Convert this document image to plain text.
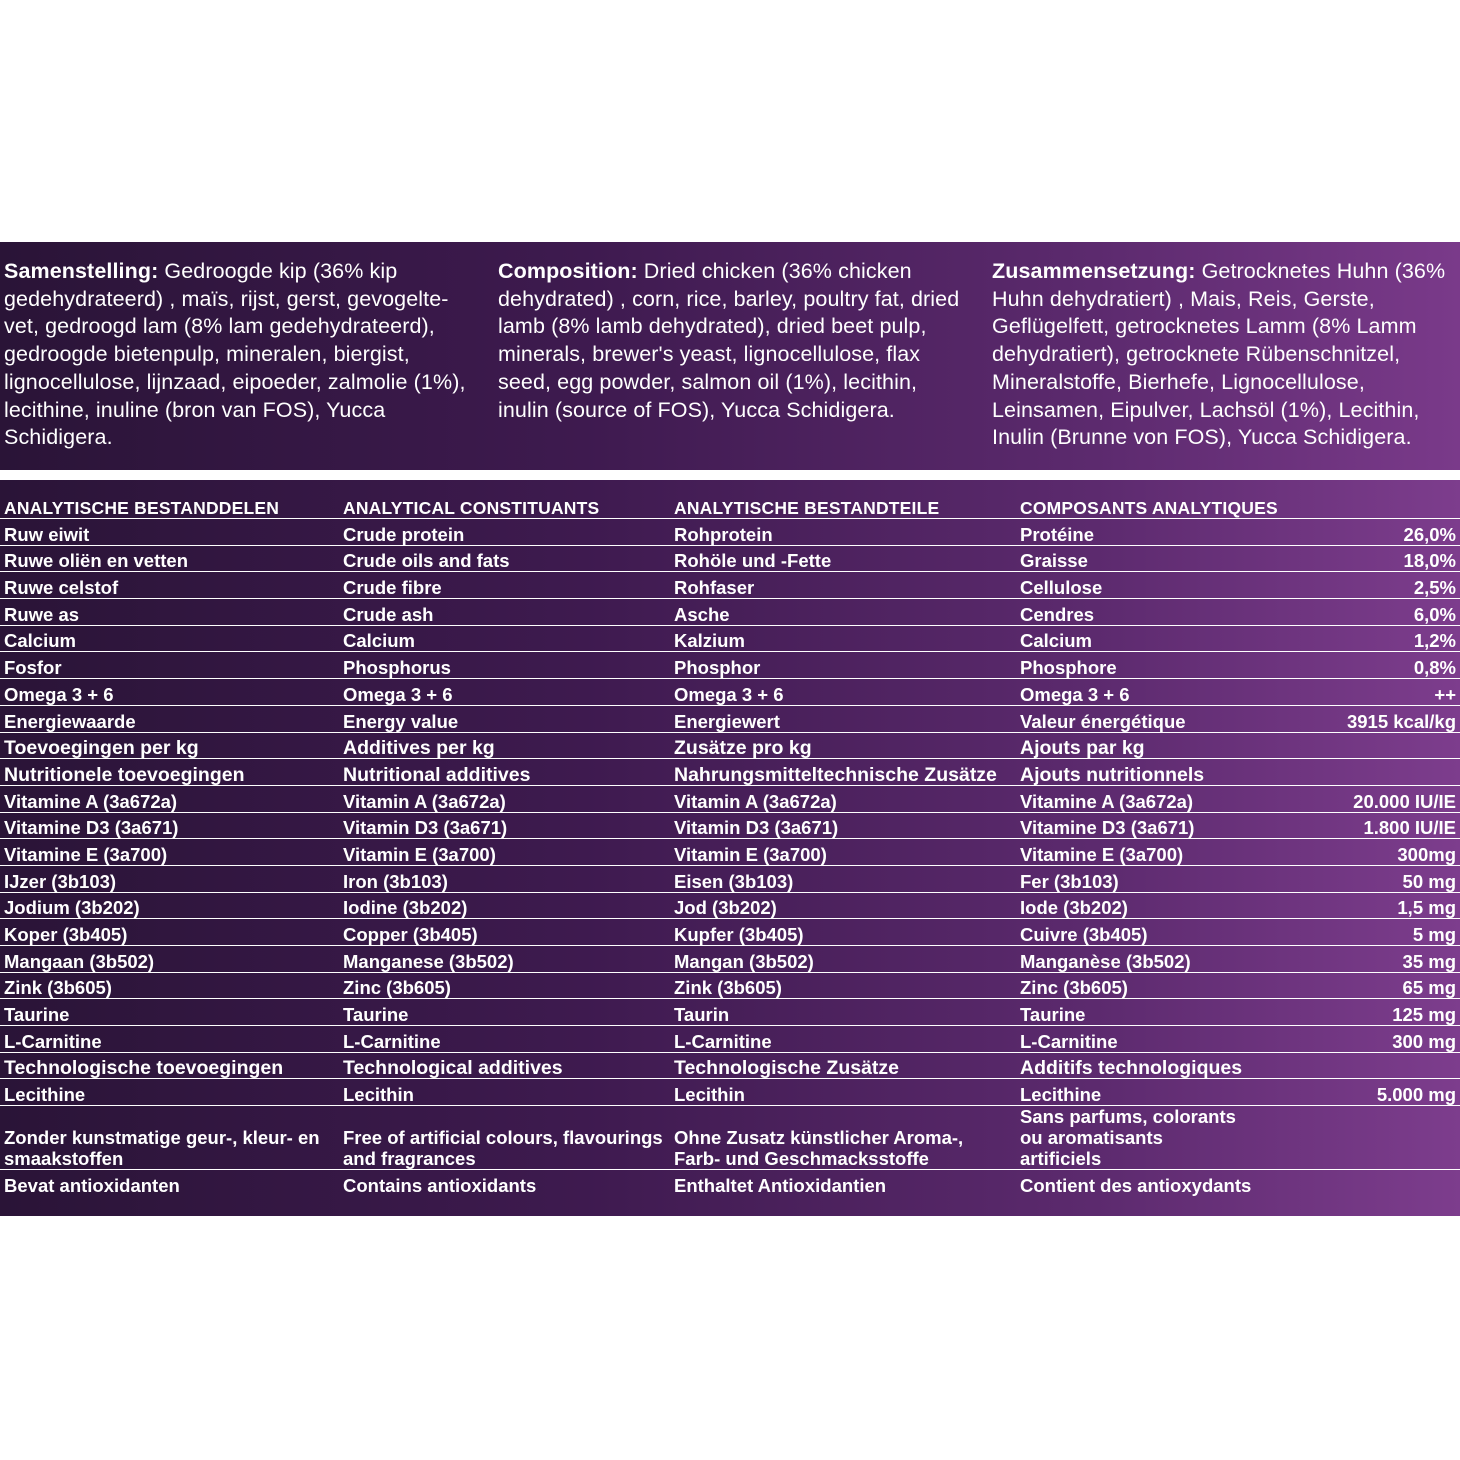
Samenstelling: Gedroogde kip (36% kip gedehydrateerd) , maïs, rijst, gerst, gevogelte-vet, gedroogd lam (8% lam gedehydrateerd), gedroogde bietenpulp, mineralen, biergist, lignocellulose, lijnzaad, eipoeder, zalmolie (1%), lecithine, inuline (bron van FOS), Yucca Schidigera.
Composition: Dried chicken (36% chicken dehydrated) , corn, rice, barley, poultry fat, dried lamb (8% lamb dehydrated), dried beet pulp, minerals, brewer's yeast, lignocellulose, flax seed, egg powder, salmon oil (1%), lecithin, inulin (source of FOS), Yucca Schidigera.
Zusammensetzung: Getrocknetes Huhn (36% Huhn dehydratiert) , Mais, Reis, Gerste, Geflügelfett, getrocknetes Lamm (8% Lamm dehydratiert), getrocknete Rübenschnitzel, Mineralstoffe, Bierhefe, Lignocellulose, Leinsamen, Eipulver, Lachsöl (1%), Lecithin, Inulin (Brunne von FOS), Yucca Schidigera.
ANALYTISCHE BESTANDDELEN	ANALYTICAL CONSTITUANTS	ANALYTISCHE BESTANDTEILE	COMPOSANTS ANALYTIQUES	
Ruw eiwit	Crude protein	Rohprotein	Protéine	26,0%
Ruwe oliën en vetten	Crude oils and fats	Rohöle und -Fette	Graisse	18,0%
Ruwe celstof	Crude fibre	Rohfaser	Cellulose	2,5%
Ruwe as	Crude ash	Asche	Cendres	6,0%
Calcium	Calcium	Kalzium	Calcium	1,2%
Fosfor	Phosphorus	Phosphor	Phosphore	0,8%
Omega 3 + 6	Omega 3 + 6	Omega 3 + 6	Omega 3 + 6	++
Energiewaarde	Energy value	Energiewert	Valeur énergétique	3915 kcal/kg
Toevoegingen per kg	Additives per kg	Zusätze pro kg	Ajouts par kg	
Nutritionele toevoegingen	Nutritional additives	Nahrungsmitteltechnische Zusätze	Ajouts nutritionnels	
Vitamine A (3a672a)	Vitamin A (3a672a)	Vitamin A (3a672a)	Vitamine A (3a672a)	20.000 IU/IE
Vitamine D3 (3a671)	Vitamin D3 (3a671)	Vitamin D3 (3a671)	Vitamine D3 (3a671)	1.800 IU/IE
Vitamine E (3a700)	Vitamin E (3a700)	Vitamin E (3a700)	Vitamine E (3a700)	300mg
IJzer (3b103)	Iron (3b103)	Eisen (3b103)	Fer (3b103)	50 mg
Jodium (3b202)	Iodine (3b202)	Jod (3b202)	Iode (3b202)	1,5 mg
Koper (3b405)	Copper (3b405)	Kupfer (3b405)	Cuivre (3b405)	5 mg
Mangaan (3b502)	Manganese (3b502)	Mangan (3b502)	Manganèse (3b502)	35 mg
Zink (3b605)	Zinc (3b605)	Zink (3b605)	Zinc (3b605)	65 mg
Taurine	Taurine	Taurin	Taurine	125 mg
L-Carnitine	L-Carnitine	L-Carnitine	L-Carnitine	300 mg
Technologische toevoegingen	Technological additives	Technologische Zusätze	Additifs technologiques	
Lecithine	Lecithin	Lecithin	Lecithine	5.000 mg
Zonder kunstmatige geur-, kleur- en smaakstoffen	Free of artificial colours, flavourings and fragrances	Ohne Zusatz künstlicher Aroma-, Farb- und Geschmacksstoffe	Sans parfums, colorants ou aromatisants artificiels	
Bevat antioxidanten	Contains antioxidants	Enthaltet Antioxidantien	Contient des antioxydants	
